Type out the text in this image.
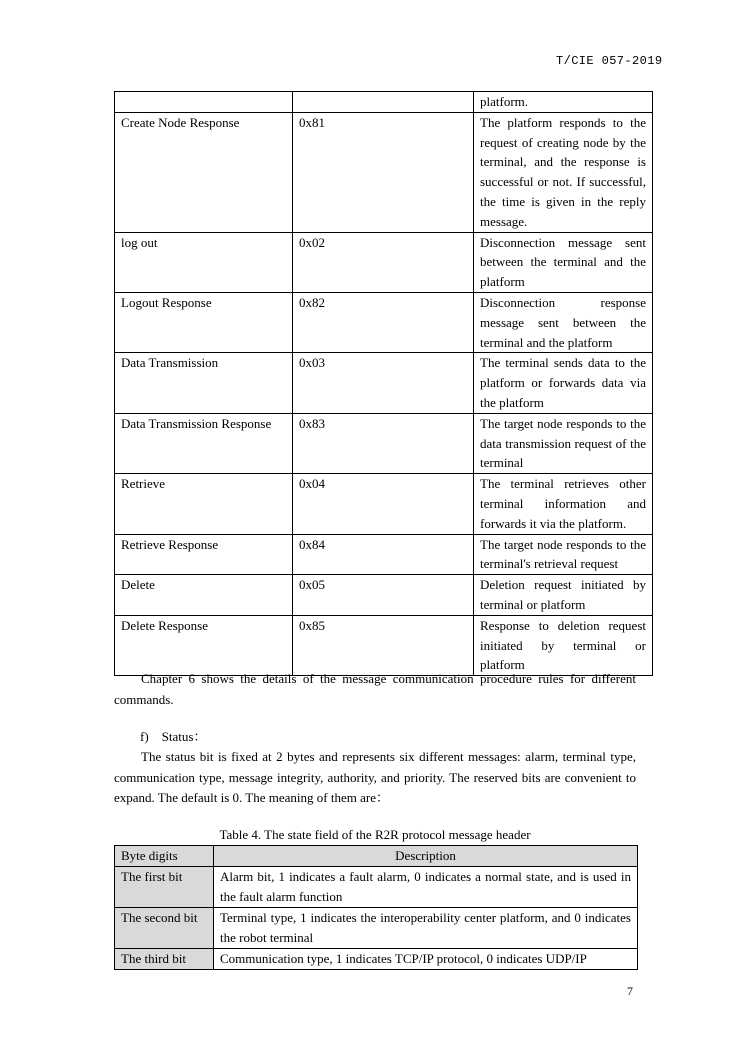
T/CIE 057-2019
		platform.
Create Node Response	0x81	The platform responds to the request of creating node by the terminal, and the response is successful or not. If successful, the time is given in the reply message.
log out	0x02	Disconnection message sent between the terminal and the platform
Logout Response	0x82	Disconnection response message sent between the terminal and the platform
Data Transmission	0x03	The terminal sends data to the platform or forwards data via the platform
Data Transmission Response	0x83	The target node responds to the data transmission request of the terminal
Retrieve	0x04	The terminal retrieves other terminal information and forwards it via the platform.
Retrieve Response	0x84	The target node responds to the terminal's retrieval request
Delete	0x05	Deletion request initiated by terminal or platform
Delete Response	0x85	Response to deletion request initiated by terminal or platform

Chapter 6 shows the details of the message communication procedure rules for different commands.

f)    Status：

The status bit is fixed at 2 bytes and represents six different messages: alarm, terminal type, communication type, message integrity, authority, and priority. The reserved bits are convenient to expand. The default is 0. The meaning of them are：

Table 4. The state field of the R2R protocol message header
Byte digits	Description
The first bit	Alarm bit, 1 indicates a fault alarm, 0 indicates a normal state, and is used in the fault alarm function
The second bit	Terminal type, 1 indicates the interoperability center platform, and 0 indicates the robot terminal
The third bit	Communication type, 1 indicates TCP/IP protocol, 0 indicates UDP/IP
7
